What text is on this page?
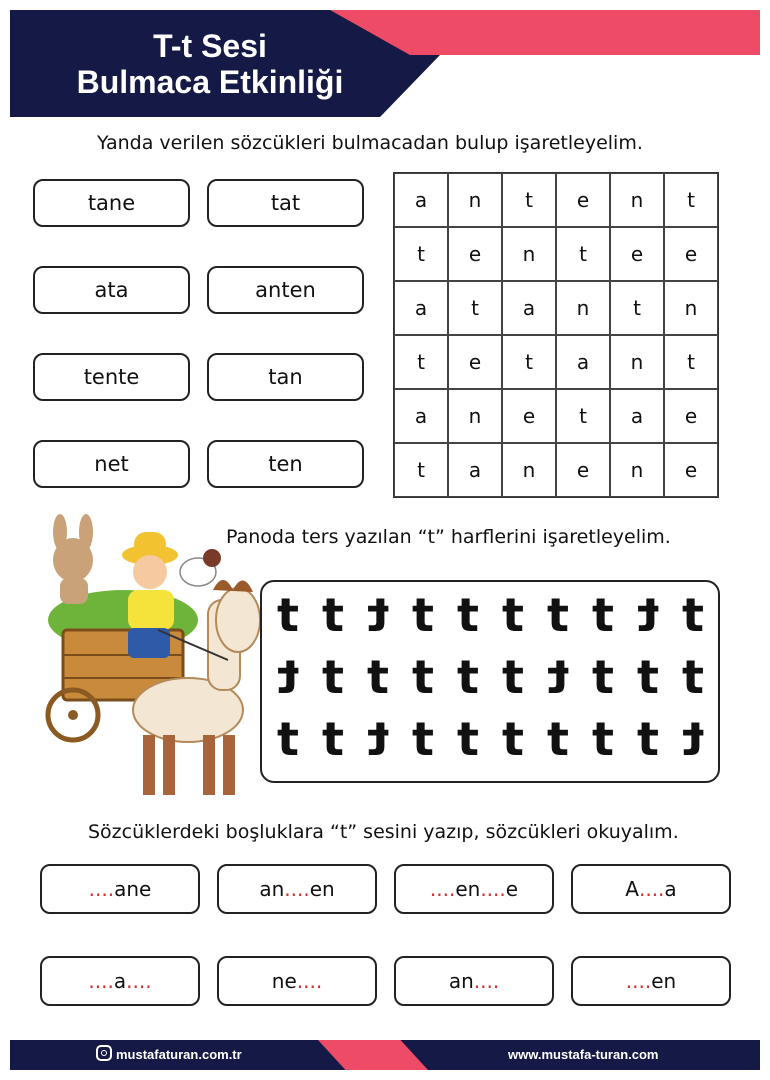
T-t Sesi
Bulmaca Etkinliği
Yanda verilen sözcükleri bulmacadan bulup işaretleyelim.
tane	tat
ata	anten
tente	tan
net	ten
a	n	t	e	n	t
t	e	n	t	e	e
a	t	a	n	t	n
t	e	t	a	n	t
a	n	e	t	a	e
t	a	n	e	n	e
Panoda ters yazılan “t” harflerini işaretleyelim.
t t t t t t t t t t
t t t t t t t t t t
t t t t t t t t t t
Sözcüklerdeki boşluklara “t” sesini yazıp, sözcükleri okuyalım.
.... ane	an .... en	.... en .... e	A .... a
.... a ....	ne ....	an ....	.... en
mustafaturan.com.tr	www.mustafa-turan.com
